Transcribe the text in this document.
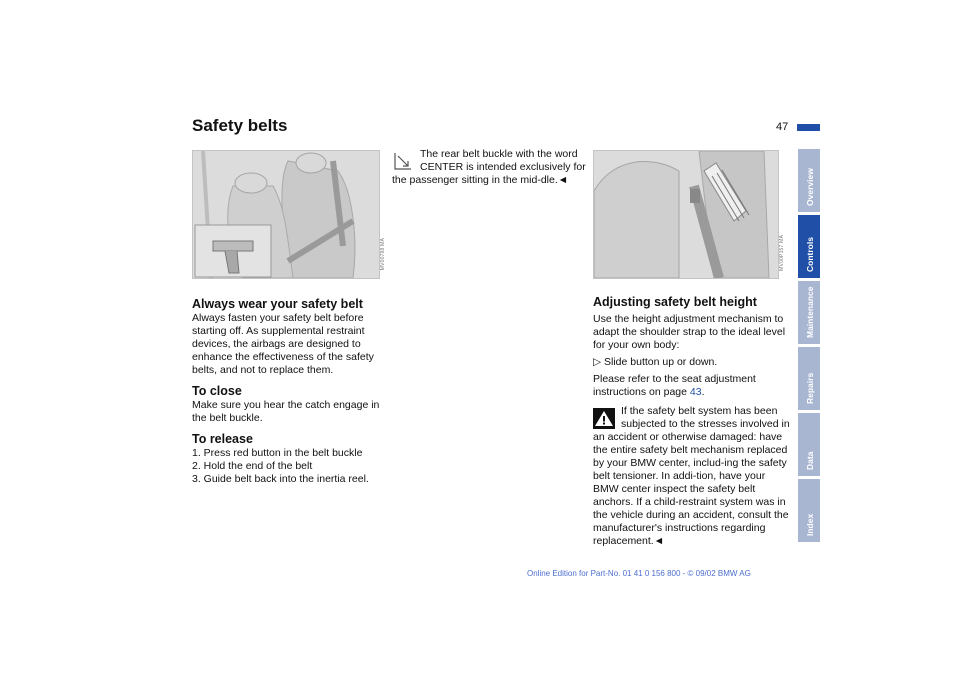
Safety belts	47
MV00798 MA	MV00P157 MA
Always wear your safety belt

Always fasten your safety belt before starting off. As supplemental restraint devices, the airbags are designed to enhance the effectiveness of the safety belts, and not to replace them.

To close

Make sure you hear the catch engage in the belt buckle.

To release

1. Press red button in the belt buckle

2. Hold the end of the belt

3. Guide belt back into the inertia reel.

The rear belt buckle with the word CENTER is intended exclusively for the passenger sitting in the mid-dle.◄

Adjusting safety belt height

Use the height adjustment mechanism to adapt the shoulder strap to the ideal level for your own body:

▷ Slide button up or down.

Please refer to the seat adjustment instructions on page 43.

If the safety belt system has been subjected to the stresses involved in an accident or otherwise damaged: have the entire safety belt mechanism replaced by your BMW center, includ-ing the safety belt tensioner. In addi-tion, have your BMW center inspect the safety belt anchors. If a child-restraint system was in the vehicle during an accident, consult the manufacturer's instructions regarding replacement.◄

Overview
Controls
Maintenance
Repairs
Data
Index
Online Edition for Part-No. 01 41 0 156 800 - © 09/02 BMW AG
